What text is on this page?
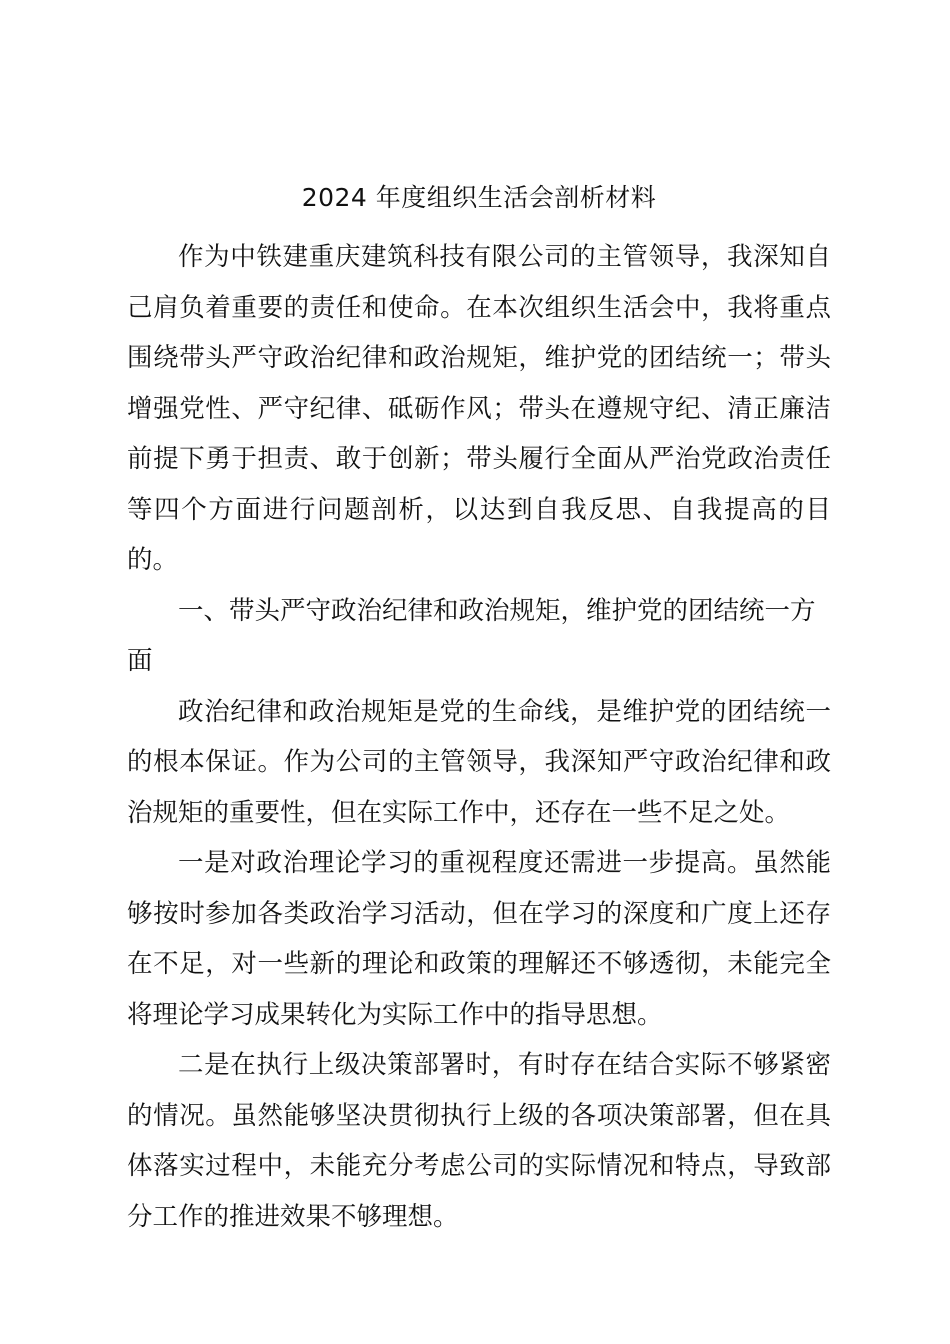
2024 年度组织生活会剖析材料

作为中铁建重庆建筑科技有限公司的主管领导，我深知自己肩负着重要的责任和使命。在本次组织生活会中，我将重点围绕带头严守政治纪律和政治规矩，维护党的团结统一；带头增强党性、严守纪律、砥砺作风；带头在遵规守纪、清正廉洁前提下勇于担责、敢于创新；带头履行全面从严治党政治责任等四个方面进行问题剖析，以达到自我反思、自我提高的目的。

一、带头严守政治纪律和政治规矩，维护党的团结统一方面

政治纪律和政治规矩是党的生命线，是维护党的团结统一的根本保证。作为公司的主管领导，我深知严守政治纪律和政治规矩的重要性，但在实际工作中，还存在一些不足之处。

一是对政治理论学习的重视程度还需进一步提高。虽然能够按时参加各类政治学习活动，但在学习的深度和广度上还存在不足，对一些新的理论和政策的理解还不够透彻，未能完全将理论学习成果转化为实际工作中的指导思想。

二是在执行上级决策部署时，有时存在结合实际不够紧密的情况。虽然能够坚决贯彻执行上级的各项决策部署，但在具体落实过程中，未能充分考虑公司的实际情况和特点，导致部分工作的推进效果不够理想。
